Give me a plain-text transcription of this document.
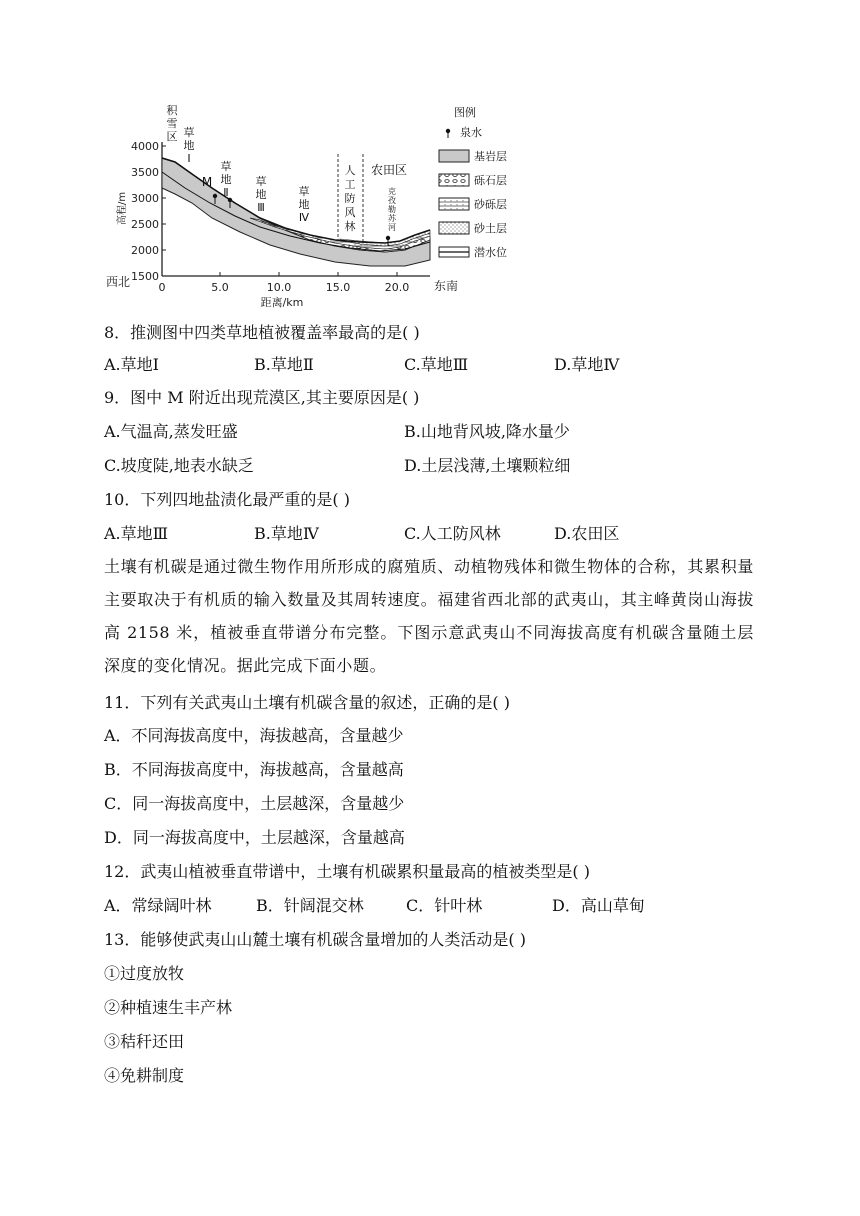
4000
3500
3000
2500
2000
1500
高程/m
0	5.0	10.0	15.0	20.0
距离/km
西北	东南
积
雪
区 草
地
Ⅰ
M
草
地
Ⅱ
草
地
Ⅲ
草
地
Ⅳ
人
工
防
风
林
农田区
克
孜
勒
苏
河
图例
泉水
基岩层
砾石层
砂砾层
砂土层
潜水位
8．推测图中四类草地植被覆盖率最高的是( )
A.草地Ⅰ	B.草地Ⅱ	C.草地Ⅲ	D.草地Ⅳ
9．图中 M 附近出现荒漠区,其主要原因是( )
A.气温高,蒸发旺盛	B.山地背风坡,降水量少
C.坡度陡,地表水缺乏	D.土层浅薄,土壤颗粒细
10．下列四地盐渍化最严重的是( )
A.草地Ⅲ	B.草地Ⅳ	C.人工防风林	D.农田区
土壤有机碳是通过微生物作用所形成的腐殖质、动植物残体和微生物体的合称，其累积量主要取决于有机质的输入数量及其周转速度。福建省西北部的武夷山，其主峰黄岗山海拔高 2158 米，植被垂直带谱分布完整。下图示意武夷山不同海拔高度有机碳含量随土层深度的变化情况。据此完成下面小题。
11．下列有关武夷山土壤有机碳含量的叙述，正确的是( )
A．不同海拔高度中，海拔越高，含量越少
B．不同海拔高度中，海拔越高，含量越高
C．同一海拔高度中，土层越深，含量越少
D．同一海拔高度中，土层越深，含量越高
12．武夷山植被垂直带谱中，土壤有机碳累积量最高的植被类型是( )
A．常绿阔叶林	B．针阔混交林	C．针叶林	D．高山草甸
13．能够使武夷山山麓土壤有机碳含量增加的人类活动是( )
①过度放牧
②种植速生丰产林
③秸秆还田
④免耕制度
